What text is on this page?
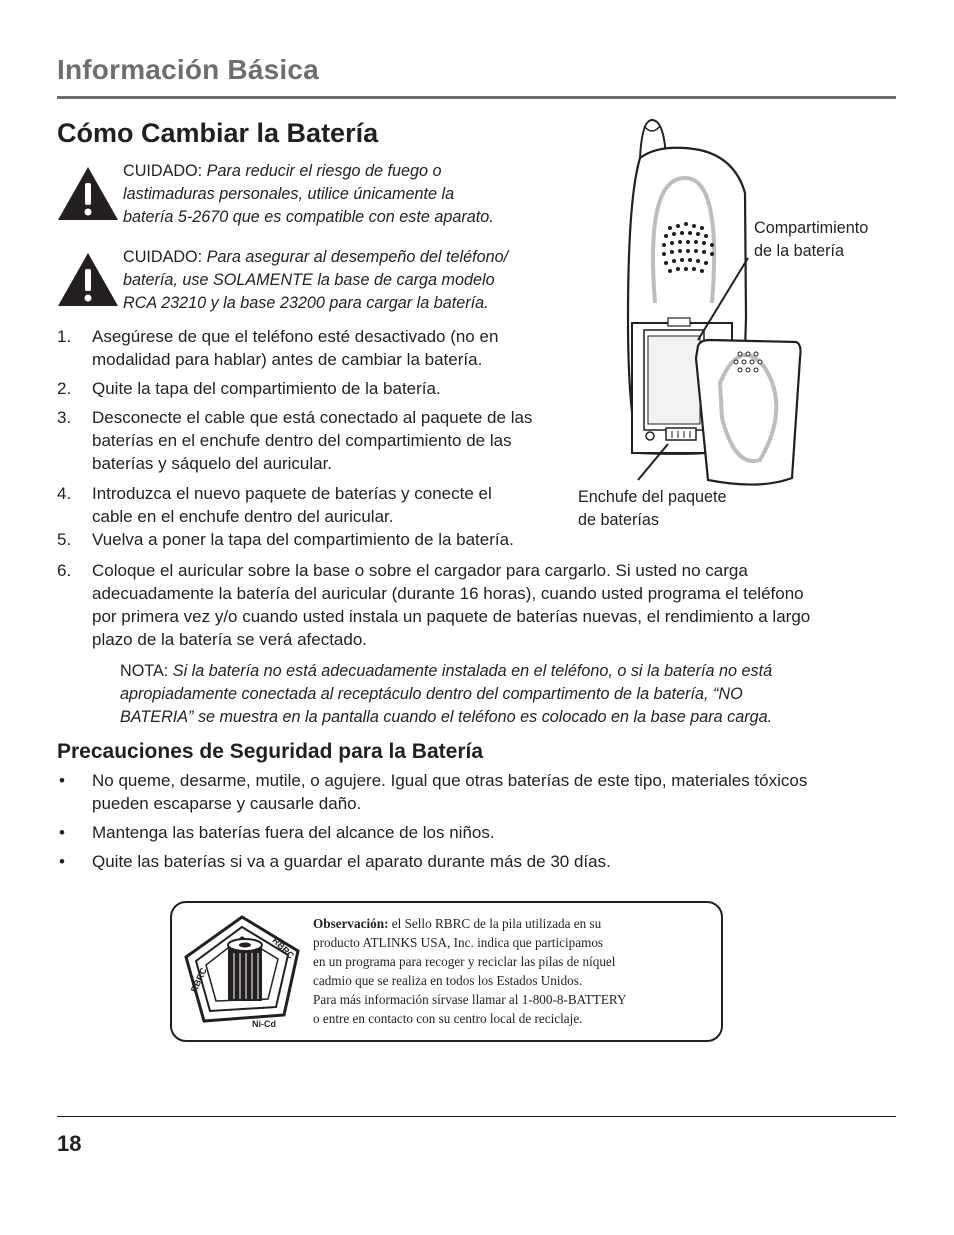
Información Básica
Cómo Cambiar la Batería
CUIDADO: Para reducir el riesgo de fuego o
lastimaduras personales, utilice únicamente la
batería 5-2670 que es compatible con este aparato.
CUIDADO: Para asegurar al desempeño del teléfono/
batería, use SOLAMENTE la base de carga modelo
RCA 23210 y la base 23200 para cargar la batería.
1.	Asegúrese de que el teléfono esté desactivado (no en
modalidad para hablar) antes de cambiar la batería.
2.	Quite la tapa del compartimiento de la batería.
3.	Desconecte el cable que está conectado al paquete de las
baterías en el enchufe dentro del compartimiento de las
baterías y sáquelo del auricular.
4.	Introduzca el nuevo paquete de baterías y conecte el
cable en el enchufe dentro del auricular.
5.	Vuelva a poner la tapa del compartimiento de la batería.
6.	Coloque el auricular sobre la base o sobre el cargador para cargarlo. Si usted no carga
adecuadamente la batería del auricular (durante 16 horas), cuando usted programa el teléfono
por primera vez y/o cuando usted instala un paquete de baterías nuevas, el rendimiento a largo
plazo de la batería se verá afectado.
NOTA: Si la batería no está adecuadamente instalada en el teléfono, o si la batería no está
apropiadamente conectada al receptáculo dentro del compartimento de la batería, “NO
BATERIA” se muestra en la pantalla cuando el teléfono es colocado en la base para carga.
Compartimiento
de la batería
Enchufe del paquete
de baterías
Precauciones de Seguridad para la Batería
• No queme, desarme, mutile, o agujere. Igual que otras baterías de este tipo, materiales tóxicos
pueden escaparse y causarle daño.
• Mantenga las baterías fuera del alcance de los niños.
• Quite las baterías si va a guardar el aparato durante más de 30 días.
RBRC
RBRC
Ni-Cd
Observación: el Sello RBRC de la pila utilizada en su
producto ATLINKS USA, Inc. indica que participamos
en un programa para recoger y reciclar las pilas de níquel
cadmio que se realiza en todos los Estados Unidos.
Para más información sírvase llamar al 1-800-8-BATTERY
o entre en contacto con su centro local de reciclaje.
18
